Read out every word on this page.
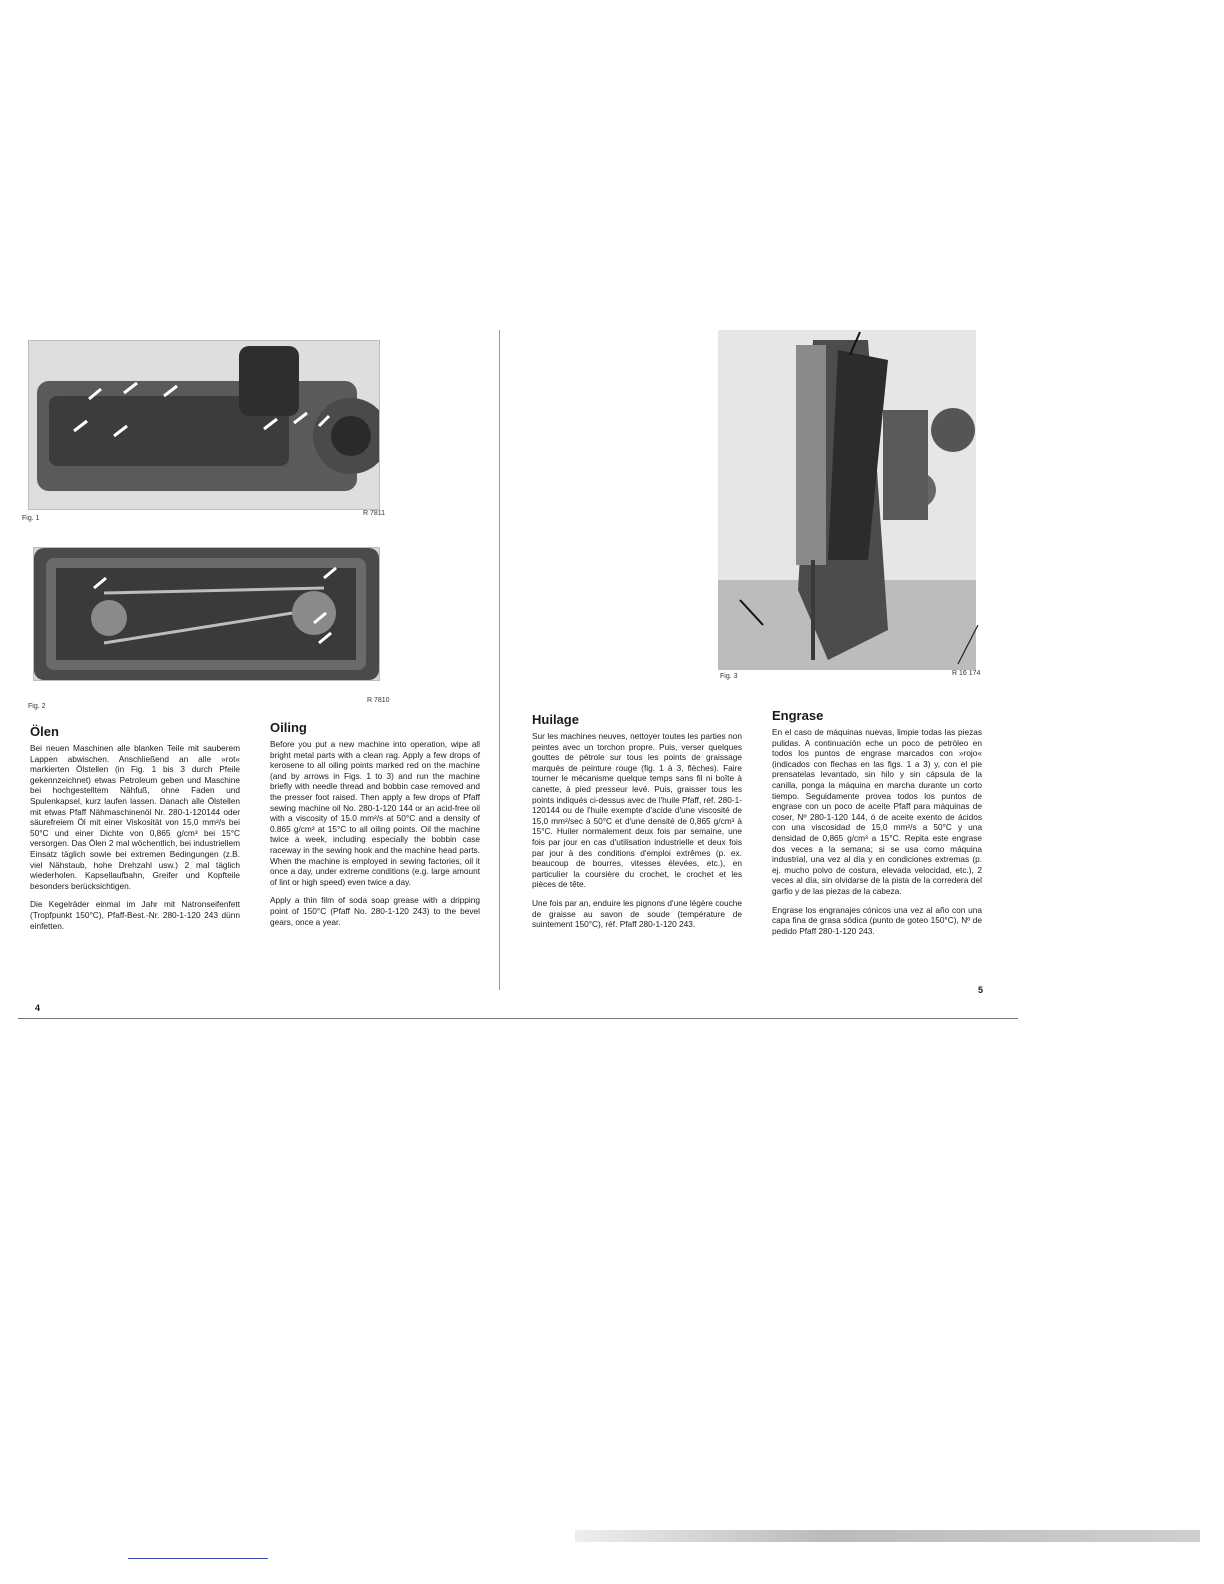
Fig. 1
R 7811
Fig. 2
R 7810
Ölen

Bei neuen Maschinen alle blanken Teile mit sauberem Lappen abwischen. Anschließend an alle »rot« markierten Ölstellen (in Fig. 1 bis 3 durch Pfeile gekennzeichnet) etwas Petroleum geben und Maschine bei hochgestelltem Nähfuß, ohne Faden und Spulenkapsel, kurz laufen lassen. Danach alle Ölstellen mit etwas Pfaff Nähmaschinenöl Nr. 280-1-120144 oder säurefreiem Öl mit einer Viskosität von 15,0 mm²/s bei 50°C und einer Dichte von 0,865 g/cm³ bei 15°C versorgen. Das Ölen 2 mal wöchentlich, bei industriellem Einsatz täglich sowie bei extremen Bedingungen (z.B. viel Nähstaub, hohe Drehzahl usw.) 2 mal täglich wiederholen. Kapsellaufbahn, Greifer und Kopfteile besonders berücksichtigen.

Die Kegelräder einmal im Jahr mit Natronseifenfett (Tropfpunkt 150°C), Pfaff-Best.-Nr. 280-1-120 243 dünn einfetten.

Oiling

Before you put a new machine into operation, wipe all bright metal parts with a clean rag. Apply a few drops of kerosene to all oiling points marked red on the machine (and by arrows in Figs. 1 to 3) and run the machine briefly with needle thread and bobbin case removed and the presser foot raised. Then apply a few drops of Pfaff sewing machine oil No. 280-1-120 144 or an acid-free oil with a viscosity of 15.0 mm²/s at 50°C and a density of 0.865 g/cm³ at 15°C to all oiling points. Oil the machine twice a week, including especially the bobbin case raceway in the sewing hook and the machine head parts. When the machine is employed in sewing factories, oil it once a day, under extreme conditions (e.g. large amount of lint or high speed) even twice a day.

Apply a thin film of soda soap grease with a dripping point of 150°C (Pfaff No. 280-1-120 243) to the bevel gears, once a year.

Fig. 3	R 16 174
Huilage

Sur les machines neuves, nettoyer toutes les parties non peintes avec un torchon propre. Puis, verser quelques gouttes de pétrole sur tous les points de graissage marqués de peinture rouge (fig. 1 à 3, flèches). Faire tourner le mécanisme quelque temps sans fil ni boîte à canette, à pied presseur levé. Puis, graisser tous les points indiqués ci-dessus avec de l'huile Pfaff, réf. 280-1-120144 ou de l'huile exempte d'acide d'une viscosité de 15,0 mm²/sec à 50°C et d'une densité de 0,865 g/cm³ à 15°C. Huiler normalement deux fois par semaine, une fois par jour en cas d'utilisation industrielle et deux fois par jour à des conditions d'emploi extrêmes (p. ex. beaucoup de bourres, vitesses élevées, etc.), en particulier la coursière du crochet, le crochet et les pièces de tête.

Une fois par an, enduire les pignons d'une légère couche de graisse au savon de soude (température de suintement 150°C), réf. Pfaff 280-1-120 243.

Engrase

En el caso de máquinas nuevas, limpie todas las piezas pulidas. A continuación eche un poco de petróleo en todos los puntos de engrase marcados con »rojo« (indicados con flechas en las figs. 1 a 3) y, con el pie prensatelas levantado, sin hilo y sin cápsula de la canilla, ponga la máquina en marcha durante un corto tiempo. Seguidamente provea todos los puntos de engrase con un poco de aceite Pfaff para máquinas de coser, Nº 280-1-120 144, ó de aceite exento de ácidos con una viscosidad de 15,0 mm²/s a 50°C y una densidad de 0,865 g/cm³ a 15°C. Repita este engrase dos veces a la semana; si se usa como máquina industrial, una vez al día y en condiciones extremas (p. ej. mucho polvo de costura, elevada velocidad, etc.), 2 veces al día, sin olvidarse de la pista de la corredera del garfio y de las piezas de la cabeza.

Engrase los engranajes cónicos una vez al año con una capa fina de grasa sódica (punto de goteo 150°C), Nº de pedido Pfaff 280-1-120 243.

4
5
